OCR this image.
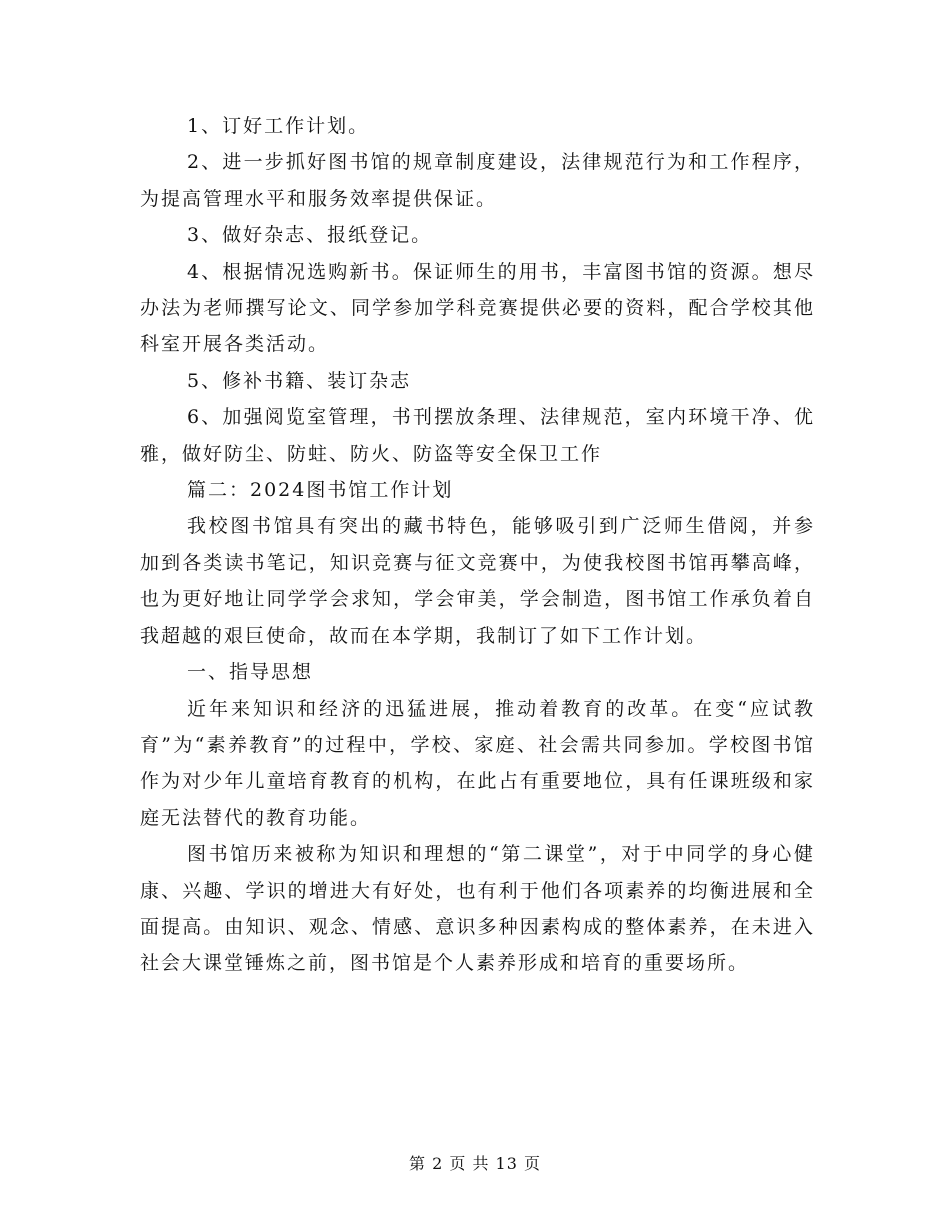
1、订好工作计划。

2、进一步抓好图书馆的规章制度建设，法律规范行为和工作程序，为提高管理水平和服务效率提供保证。

3、做好杂志、报纸登记。

4、根据情况选购新书。保证师生的用书，丰富图书馆的资源。想尽办法为老师撰写论文、同学参加学科竞赛提供必要的资料，配合学校其他科室开展各类活动。

5、修补书籍、装订杂志

6、加强阅览室管理，书刊摆放条理、法律规范，室内环境干净、优雅，做好防尘、防蛀、防火、防盗等安全保卫工作

篇二：2024图书馆工作计划

我校图书馆具有突出的藏书特色，能够吸引到广泛师生借阅，并参加到各类读书笔记，知识竞赛与征文竞赛中，为使我校图书馆再攀高峰，也为更好地让同学学会求知，学会审美，学会制造，图书馆工作承负着自我超越的艰巨使命，故而在本学期，我制订了如下工作计划。

一、指导思想

近年来知识和经济的迅猛进展，推动着教育的改革。在变“应试教育”为“素养教育”的过程中，学校、家庭、社会需共同参加。学校图书馆作为对少年儿童培育教育的机构，在此占有重要地位，具有任课班级和家庭无法替代的教育功能。

图书馆历来被称为知识和理想的“第二课堂”，对于中同学的身心健康、兴趣、学识的增进大有好处，也有利于他们各项素养的均衡进展和全面提高。由知识、观念、情感、意识多种因素构成的整体素养，在未进入社会大课堂锤炼之前，图书馆是个人素养形成和培育的重要场所。

第 2 页 共 13 页
